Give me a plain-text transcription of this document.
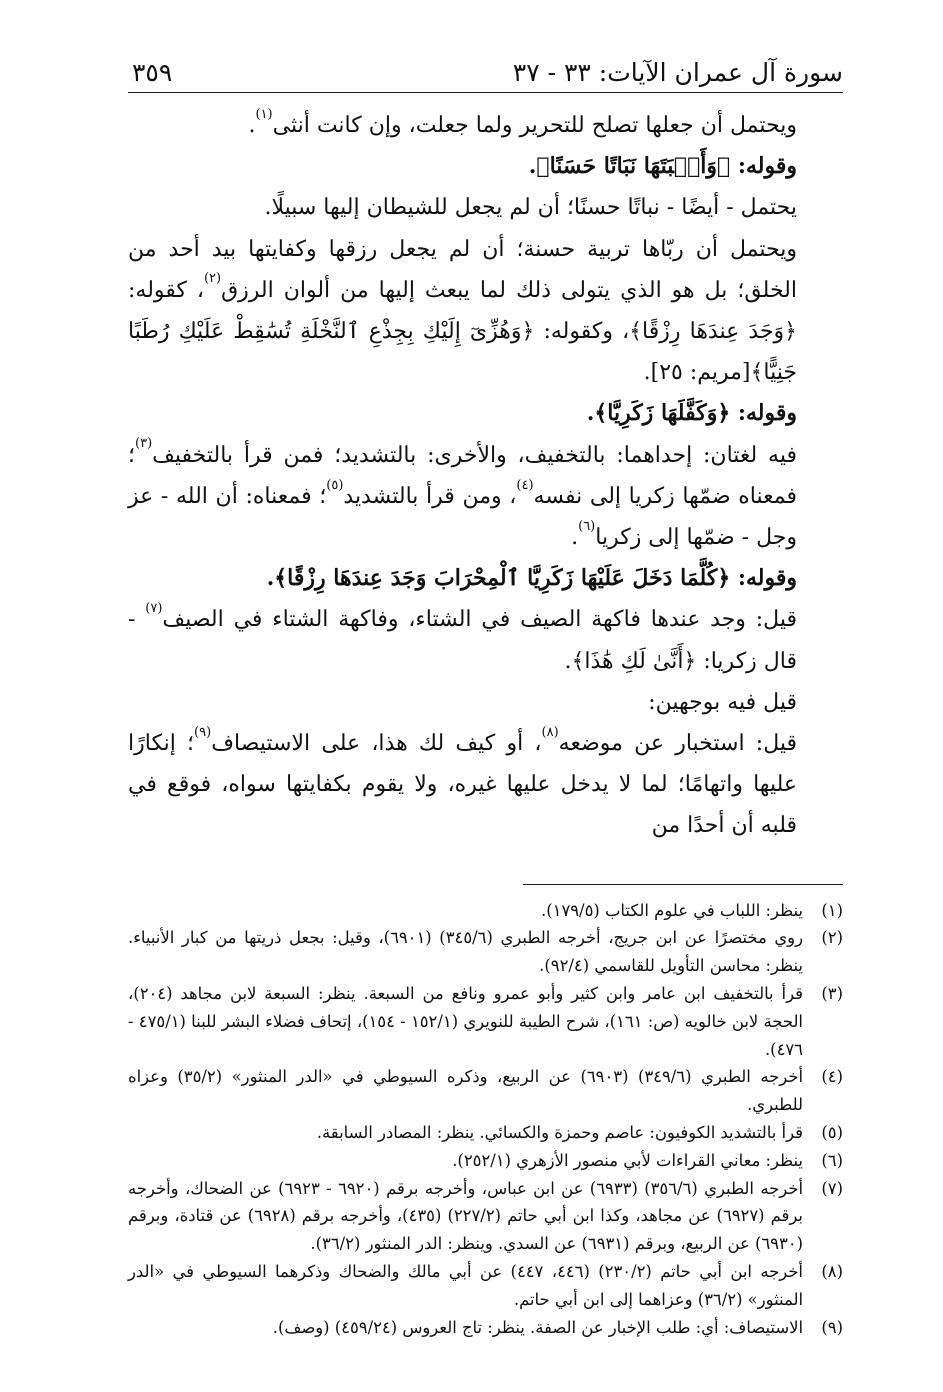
سورة آل عمران الآيات: ٣٣ - ٣٧
٣٥٩

ويحتمل أن جعلها تصلح للتحرير ولما جعلت، وإن كانت أنثى$^{(١)}$.

وقوله: ﴿وَأَنۢبَتَهَا نَبَاتًا حَسَنًا﴾.

يحتمل - أيضًا - نباتًا حسنًا؛ أن لم يجعل للشيطان إليها سبيلًا.

ويحتمل أن ربّاها تربية حسنة؛ أن لم يجعل رزقها وكفايتها بيد أحد من الخلق؛ بل هو الذي يتولى ذلك لما يبعث إليها من ألوان الرزق$^{(٢)}$، كقوله: ﴿وَجَدَ عِندَهَا رِزْقًا﴾، وكقوله: ﴿وَهُزِّىٓ إِلَيْكِ بِجِذْعِ ٱلنَّخْلَةِ تُسَٰقِطْ عَلَيْكِ رُطَبًا جَنِيًّا﴾[مريم: ٢٥].

وقوله: ﴿وَكَفَّلَهَا زَكَرِيَّا﴾.

فيه لغتان: إحداهما: بالتخفيف، والأخرى: بالتشديد؛ فمن قرأ بالتخفيف$^{(٣)}$؛ فمعناه ضمّها زكريا إلى نفسه$^{(٤)}$، ومن قرأ بالتشديد$^{(٥)}$؛ فمعناه: أن الله - عز وجل - ضمّها إلى زكريا$^{(٦)}$.

وقوله: ﴿كُلَّمَا دَخَلَ عَلَيْهَا زَكَرِيَّا ٱلْمِحْرَابَ وَجَدَ عِندَهَا رِزْقًا﴾.

قيل: وجد عندها فاكهة الصيف في الشتاء، وفاكهة الشتاء في الصيف$^{(٧)}$ - قال زكريا: ﴿أَنَّىٰ لَكِ هَٰذَا﴾.

قيل فيه بوجهين:

قيل: استخبار عن موضعه$^{(٨)}$، أو كيف لك هذا، على الاستيصاف$^{(٩)}$؛ إنكارًا عليها واتهامًا؛ لما لا يدخل عليها غيره، ولا يقوم بكفايتها سواه، فوقع في قلبه أن أحدًا من

(١)
ينظر: اللباب في علوم الكتاب (١٧٩/٥).
(٢)
روي مختصرًا عن ابن جريج، أخرجه الطبري (٣٤٥/٦) (٦٩٠١)، وقيل: بجعل ذريتها من كبار الأنبياء. ينظر: محاسن التأويل للقاسمي (٩٢/٤).
(٣)
قرأ بالتخفيف ابن عامر وابن كثير وأبو عمرو ونافع من السبعة. ينظر: السبعة لابن مجاهد (٢٠٤)، الحجة لابن خالويه (ص: ١٦١)، شرح الطيبة للنويري (١٥٢/١ - ١٥٤)، إتحاف فضلاء البشر للبنا (٤٧٥/١ - ٤٧٦).
(٤)
أخرجه الطبري (٣٤٩/٦) (٦٩٠٣) عن الربيع، وذكره السيوطي في «الدر المنثور» (٣٥/٢) وعزاه للطبري.
(٥)
قرأ بالتشديد الكوفيون: عاصم وحمزة والكسائي. ينظر: المصادر السابقة.
(٦)
ينظر: معاني القراءات لأبي منصور الأزهري (٢٥٢/١).
(٧)
أخرجه الطبري (٣٥٦/٦) (٦٩٣٣) عن ابن عباس، وأخرجه برقم (٦٩٢٠ - ٦٩٢٣) عن الضحاك، وأخرجه برقم (٦٩٢٧) عن مجاهد، وكذا ابن أبي حاتم (٢٢٧/٢) (٤٣٥)، وأخرجه برقم (٦٩٢٨) عن قتادة، وبرقم (٦٩٣٠) عن الربيع، وبرقم (٦٩٣١) عن السدي. وينظر: الدر المنثور (٣٦/٢).
(٨)
أخرجه ابن أبي حاتم (٢٣٠/٢) (٤٤٦، ٤٤٧) عن أبي مالك والضحاك وذكرهما السيوطي في «الدر المنثور» (٣٦/٢) وعزاهما إلى ابن أبي حاتم.
(٩)
الاستيصاف: أي: طلب الإخبار عن الصفة. ينظر: تاج العروس (٤٥٩/٢٤) (وصف).
